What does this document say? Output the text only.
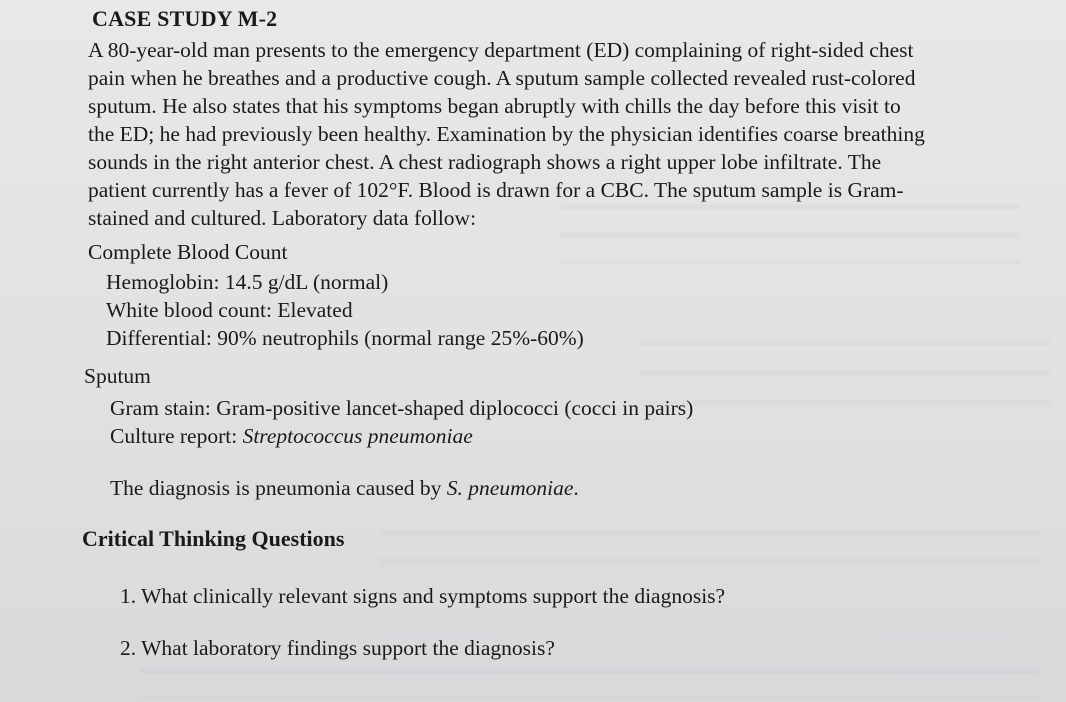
CASE STUDY M-2
A 80-year-old man presents to the emergency department (ED) complaining of right-sided chest
pain when he breathes and a productive cough. A sputum sample collected revealed rust-colored
sputum. He also states that his symptoms began abruptly with chills the day before this visit to
the ED; he had previously been healthy. Examination by the physician identifies coarse breathing
sounds in the right anterior chest. A chest radiograph shows a right upper lobe infiltrate. The
patient currently has a fever of 102°F. Blood is drawn for a CBC. The sputum sample is Gram-
stained and cultured. Laboratory data follow:
Complete Blood Count
Hemoglobin: 14.5 g/dL (normal)
White blood count: Elevated
Differential: 90% neutrophils (normal range 25%-60%)
Sputum
Gram stain: Gram-positive lancet-shaped diplococci (cocci in pairs)
Culture report: Streptococcus pneumoniae
The diagnosis is pneumonia caused by S. pneumoniae.
Critical Thinking Questions
1. What clinically relevant signs and symptoms support the diagnosis?
2. What laboratory findings support the diagnosis?
